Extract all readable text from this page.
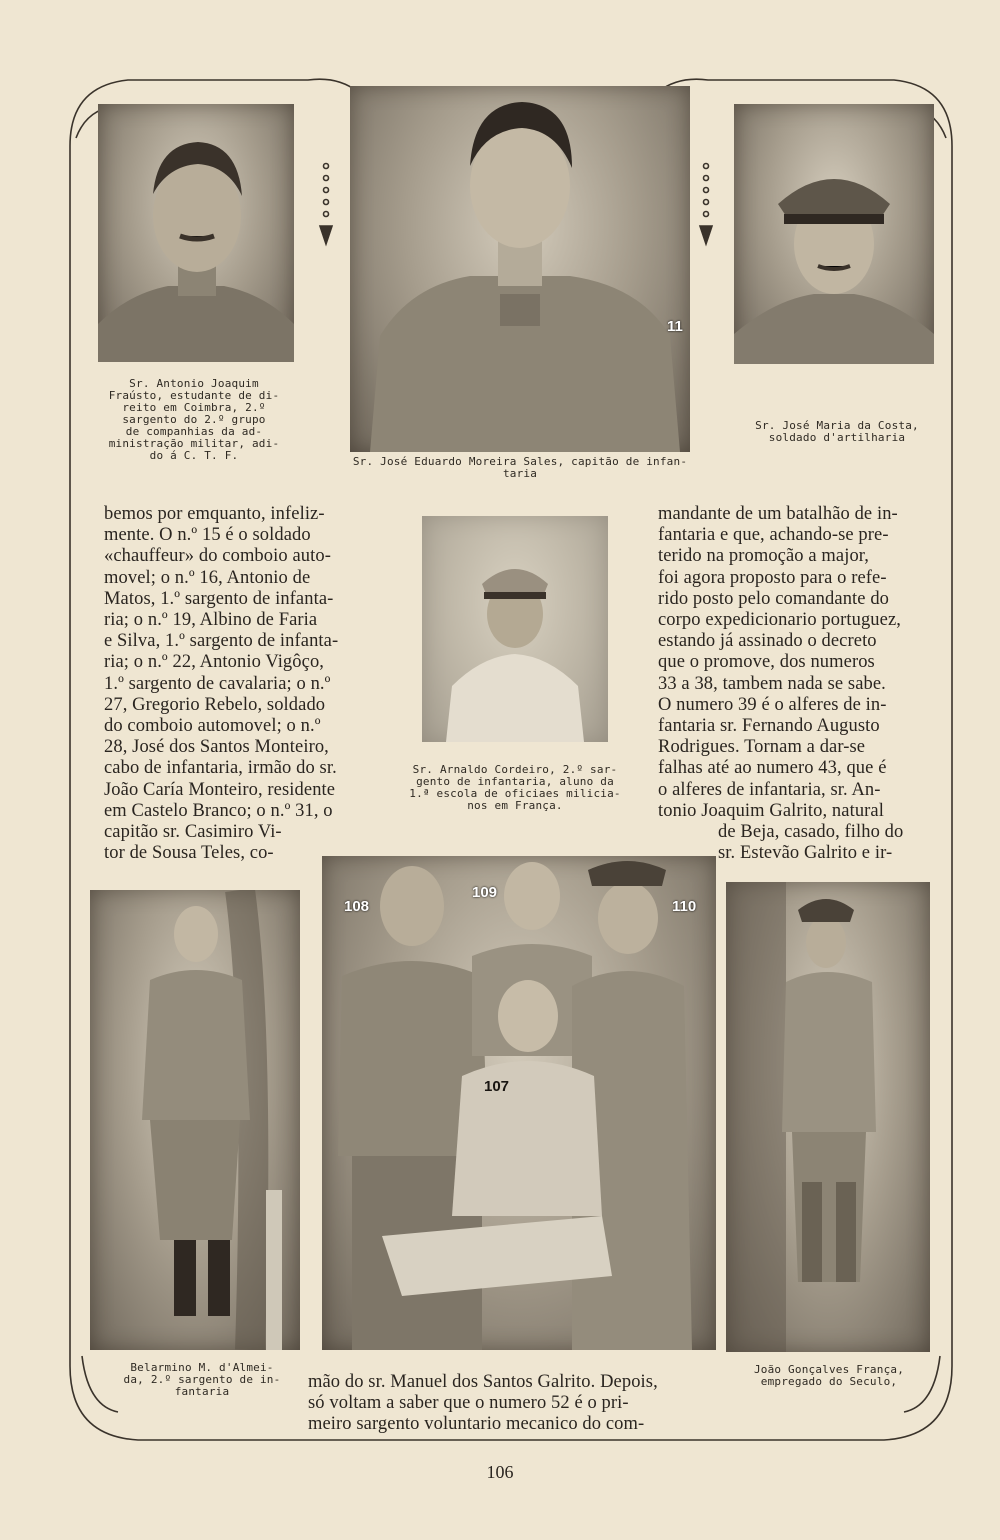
Sr. Antonio Joaquim
Fraústo, estudante de di-
reito em Coimbra, 2.º
sargento do 2.º grupo
de companhias da ad-
ministração militar, adi-
do á C. T. F.

11

Sr. José Eduardo Moreira Sales, capitão de infan-
taria

Sr. José Maria da Costa,
soldado d'artilharia

bemos por emquanto, infeliz-
mente. O n.º 15 é o soldado
«chauffeur» do comboio auto-
movel; o n.º 16, Antonio de
Matos, 1.º sargento de infanta-
ria; o n.º 19, Albino de Faria
e Silva, 1.º sargento de infanta-
ria; o n.º 22, Antonio Vigôço,
1.º sargento de cavalaria; o n.º
27, Gregorio Rebelo, soldado
do comboio automovel; o n.º
28, José dos Santos Monteiro,
cabo de infantaria, irmão do sr.
João Caría Monteiro, residente
em Castelo Branco; o n.º 31, o
capitão sr. Casimiro Vi-
tor de Sousa Teles, co-

Sr. Arnaldo Cordeiro, 2.º sar-
gento de infantaria, aluno da
1.ª escola de oficiaes milicia-
nos em França.

mandante de um batalhão de in-
fantaria e que, achando-se pre-
terido na promoção a major,
foi agora proposto para o refe-
rido posto pelo comandante do
corpo expedicionario portuguez,
estando já assinado o decreto
que o promove, dos numeros
33 a 38, tambem nada se sabe.
O numero 39 é o alferes de in-
fantaria sr. Fernando Augusto
Rodrigues. Tornam a dar-se
falhas até ao numero 43, que é
o alferes de infantaria, sr. An-
tonio Joaquim Galrito, natural

de Beja, casado, filho do
sr. Estevão Galrito e ir-

Belarmino M. d'Almei-
da, 2.º sargento de in-
fantaria

108
109
110
107

João Gonçalves França,
empregado do Seculo,

mão do sr. Manuel dos Santos Galrito. Depois,
só voltam a saber que o numero 52 é o pri-
meiro sargento voluntario mecanico do com-

106
